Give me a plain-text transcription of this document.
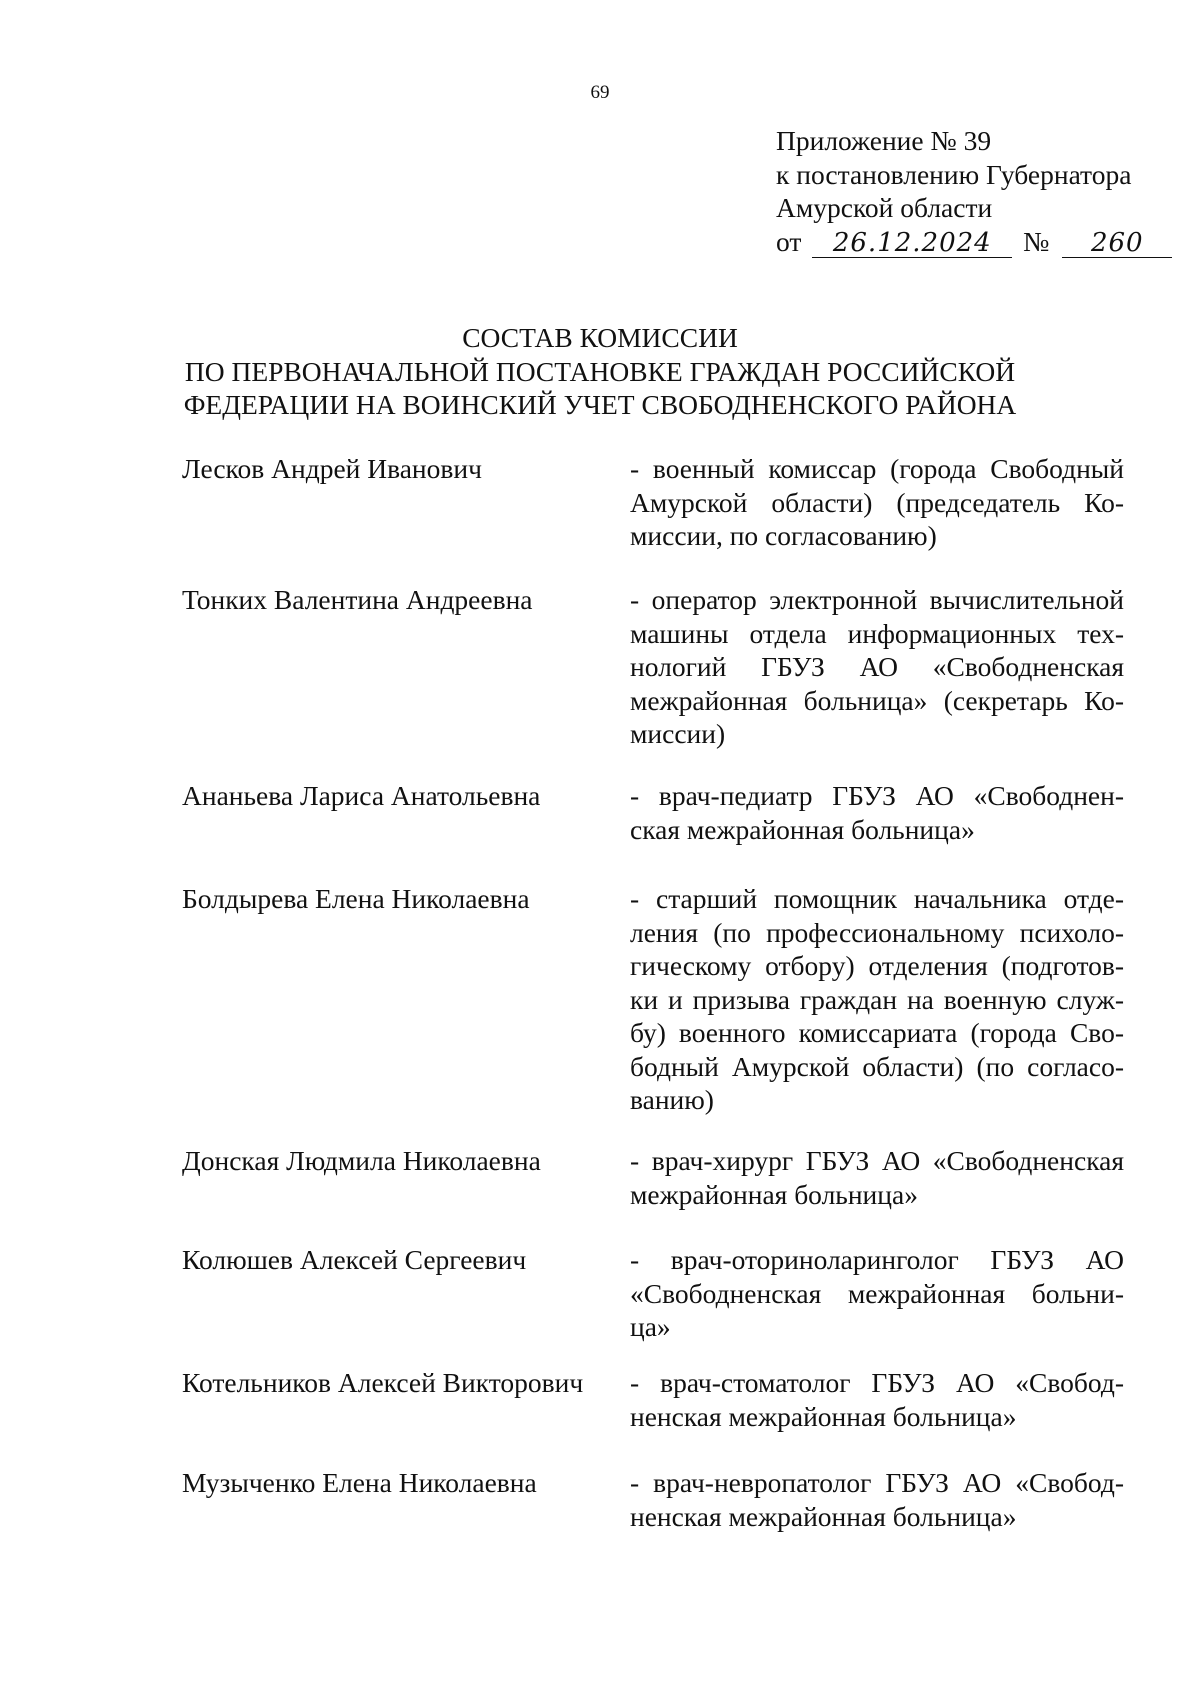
69
Приложение № 39
к постановлению Губернатора
Амурской области
от 26.12.2024 № 260
СОСТАВ КОМИССИИ
ПО ПЕРВОНАЧАЛЬНОЙ ПОСТАНОВКЕ ГРАЖДАН РОССИЙСКОЙ
ФЕДЕРАЦИИ НА ВОИНСКИЙ УЧЕТ СВОБОДНЕНСКОГО РАЙОНА
Лесков Андрей Иванович	- военный комиссар (города Свободный
Амурской области) (председатель Ко-
миссии, по согласованию)
Тонких Валентина Андреевна	- оператор электронной вычислительной
машины отдела информационных тех-
нологий ГБУЗ АО «Свободненская
межрайонная больница» (секретарь Ко-
миссии)
Ананьева Лариса Анатольевна	- врач-педиатр ГБУЗ АО «Свободнен-
ская межрайонная больница»
Болдырева Елена Николаевна	- старший помощник начальника отде-
ления (по профессиональному психоло-
гическому отбору) отделения (подготов-
ки и призыва граждан на военную служ-
бу) военного комиссариата (города Сво-
бодный Амурской области) (по согласо-
ванию)
Донская Людмила Николаевна	- врач-хирург ГБУЗ АО «Свободненская
межрайонная больница»
Колюшев Алексей Сергеевич	- врач-оториноларинголог ГБУЗ АО
«Свободненская межрайонная больни-
ца»
Котельников Алексей Викторович - врач-стоматолог ГБУЗ АО «Свобод-
ненская межрайонная больница»
Музыченко Елена Николаевна	- врач-невропатолог ГБУЗ АО «Свобод-
ненская межрайонная больница»
